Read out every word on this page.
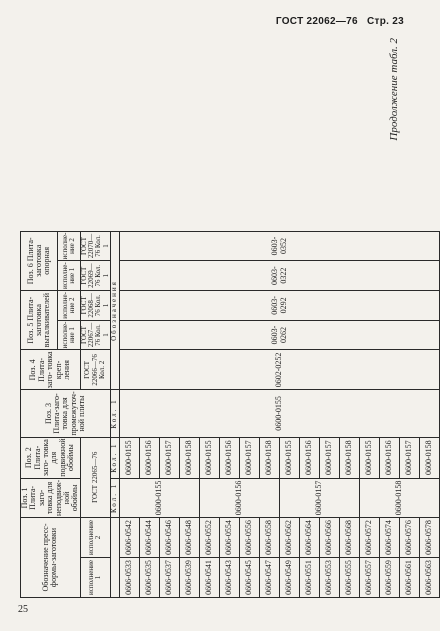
ГОСТ 22062—76 Стр. 23
25
Продолжение табл. 2
Обозначение пресс-формы-заготовки		Поз. 1 Плита-заго- товка для неподвиж- ной обоймы	Поз. 2 Плита-заго- товка для подвижной обоймы	Поз. 3 Плита-заго- товка для промежуточ- ной плиты	Поз. 4 Плита-заго- товка креп- ления	Поз. 5 Плита-заготовка выталкивателей		Поз. 6 Плита-заготовка опорная	
						исполне- ние 1	исполне- ние 2	исполне- ние 1	исполне- ние 2
исполнение 1	исполнение 2	ГОСТ 22065—76			ГОСТ 22066—76 Кол. 2	ГОСТ 22067—76 Кол. 1	ГОСТ 22068—76 Кол. 1	ГОСТ 22069—76 Кол. 1	ГОСТ 22070—76 Кол. 1
		Кол. 1	Кол. 1	Кол. 1	Обозначения				
0606-0533	0606-0542	0600-0155	0600-0155	0600-0155	0602-0252	0603-0262	0603-0292	0603-0322	0603-0352
0606-0535	0606-0544		0600-0156						
0606-0537	0606-0546		0600-0157						
0606-0539	0606-0548		0600-0158						
0606-0541	0606-0552	0600-0156	0600-0155						
0606-0543	0606-0554		0600-0156						
0606-0545	0606-0556		0600-0157						
0606-0547	0606-0558		0600-0158						
0606-0549	0606-0562	0600-0157	0600-0155						
0606-0551	0606-0564		0600-0156						
0606-0553	0606-0566		0600-0157						
0606-0555	0606-0568		0600-0158						
0606-0557	0606-0572	0600-0158	0600-0155						
0606-0559	0606-0574		0600-0156						
0606-0561	0606-0576		0600-0157						
0606-0563	0606-0578		0600-0158						
